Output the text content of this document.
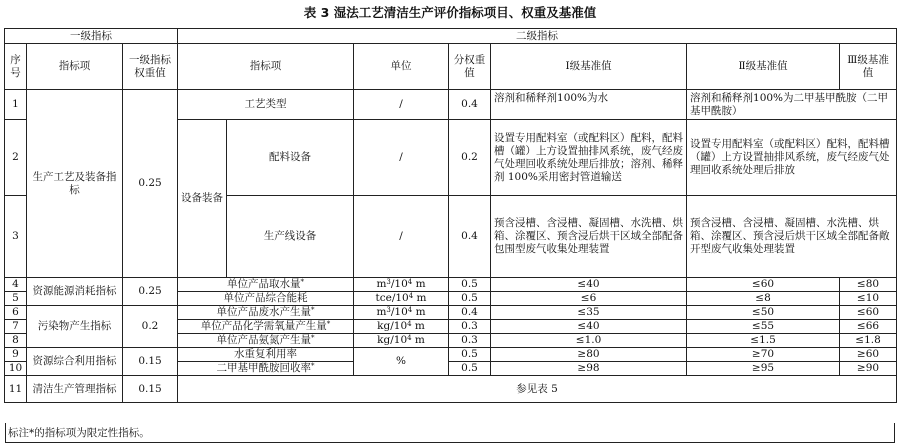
表 3 湿法工艺清洁生产评价指标项目、权重及基准值
一级指标			二级指标						
序号	指标项	一级指标权重值	指标项		单位	分权重值	Ⅰ级基准值	Ⅱ级基准值	Ⅲ级基准值
1	生产工艺及装备指标	0.25	工艺类型		/	0.4	溶剂和稀释剂100%为水	溶剂和稀释剂100%为二甲基甲酰胺（二甲基甲酰胺）	
2			设备装备	配料设备	/	0.2	设置专用配料室（或配料区）配料，配料槽（罐）上方设置抽排风系统，废气经废气处理回收系统处理后排放；溶剂、稀释剂 100%采用密封管道输送	设置专用配料室（或配料区）配料，配料槽（罐）上方设置抽排风系统，废气经废气处理回收系统处理后排放	
3				生产线设备	/	0.4	预含浸槽、含浸槽、凝固槽、水洗槽、烘箱、涂覆区、预含浸后烘干区域全部配备包围型废气收集处理装置	预含浸槽、含浸槽、凝固槽、水洗槽、烘箱、涂覆区、预含浸后烘干区域全部配备敞开型废气收集处理装置	
4	资源能源消耗指标	0.25	单位产品取水量*		$m^3/10^4$ m	0.5	≤40	≤60	≤80
5			单位产品综合能耗		tce/$10^4$ m	0.5	≤6	≤8	≤10
6	污染物产生指标	0.2	单位产品废水产生量*		$m^3/10^4$ m	0.4	≤35	≤50	≤60
7			单位产品化学需氧量产生量*		$kg/10^4$ m	0.3	≤40	≤55	≤66
8			单位产品氨氮产生量*		$kg/10^4$ m	0.3	≤1.0	≤1.5	≤1.8
9	资源综合利用指标	0.15	水重复利用率		%	0.5	≥80	≥70	≥60
10			二甲基甲酰胺回收率*			0.5	≥98	≥95	≥90
11	清洁生产管理指标	0.15	参见表 5						
标注*的指标项为限定性指标。
